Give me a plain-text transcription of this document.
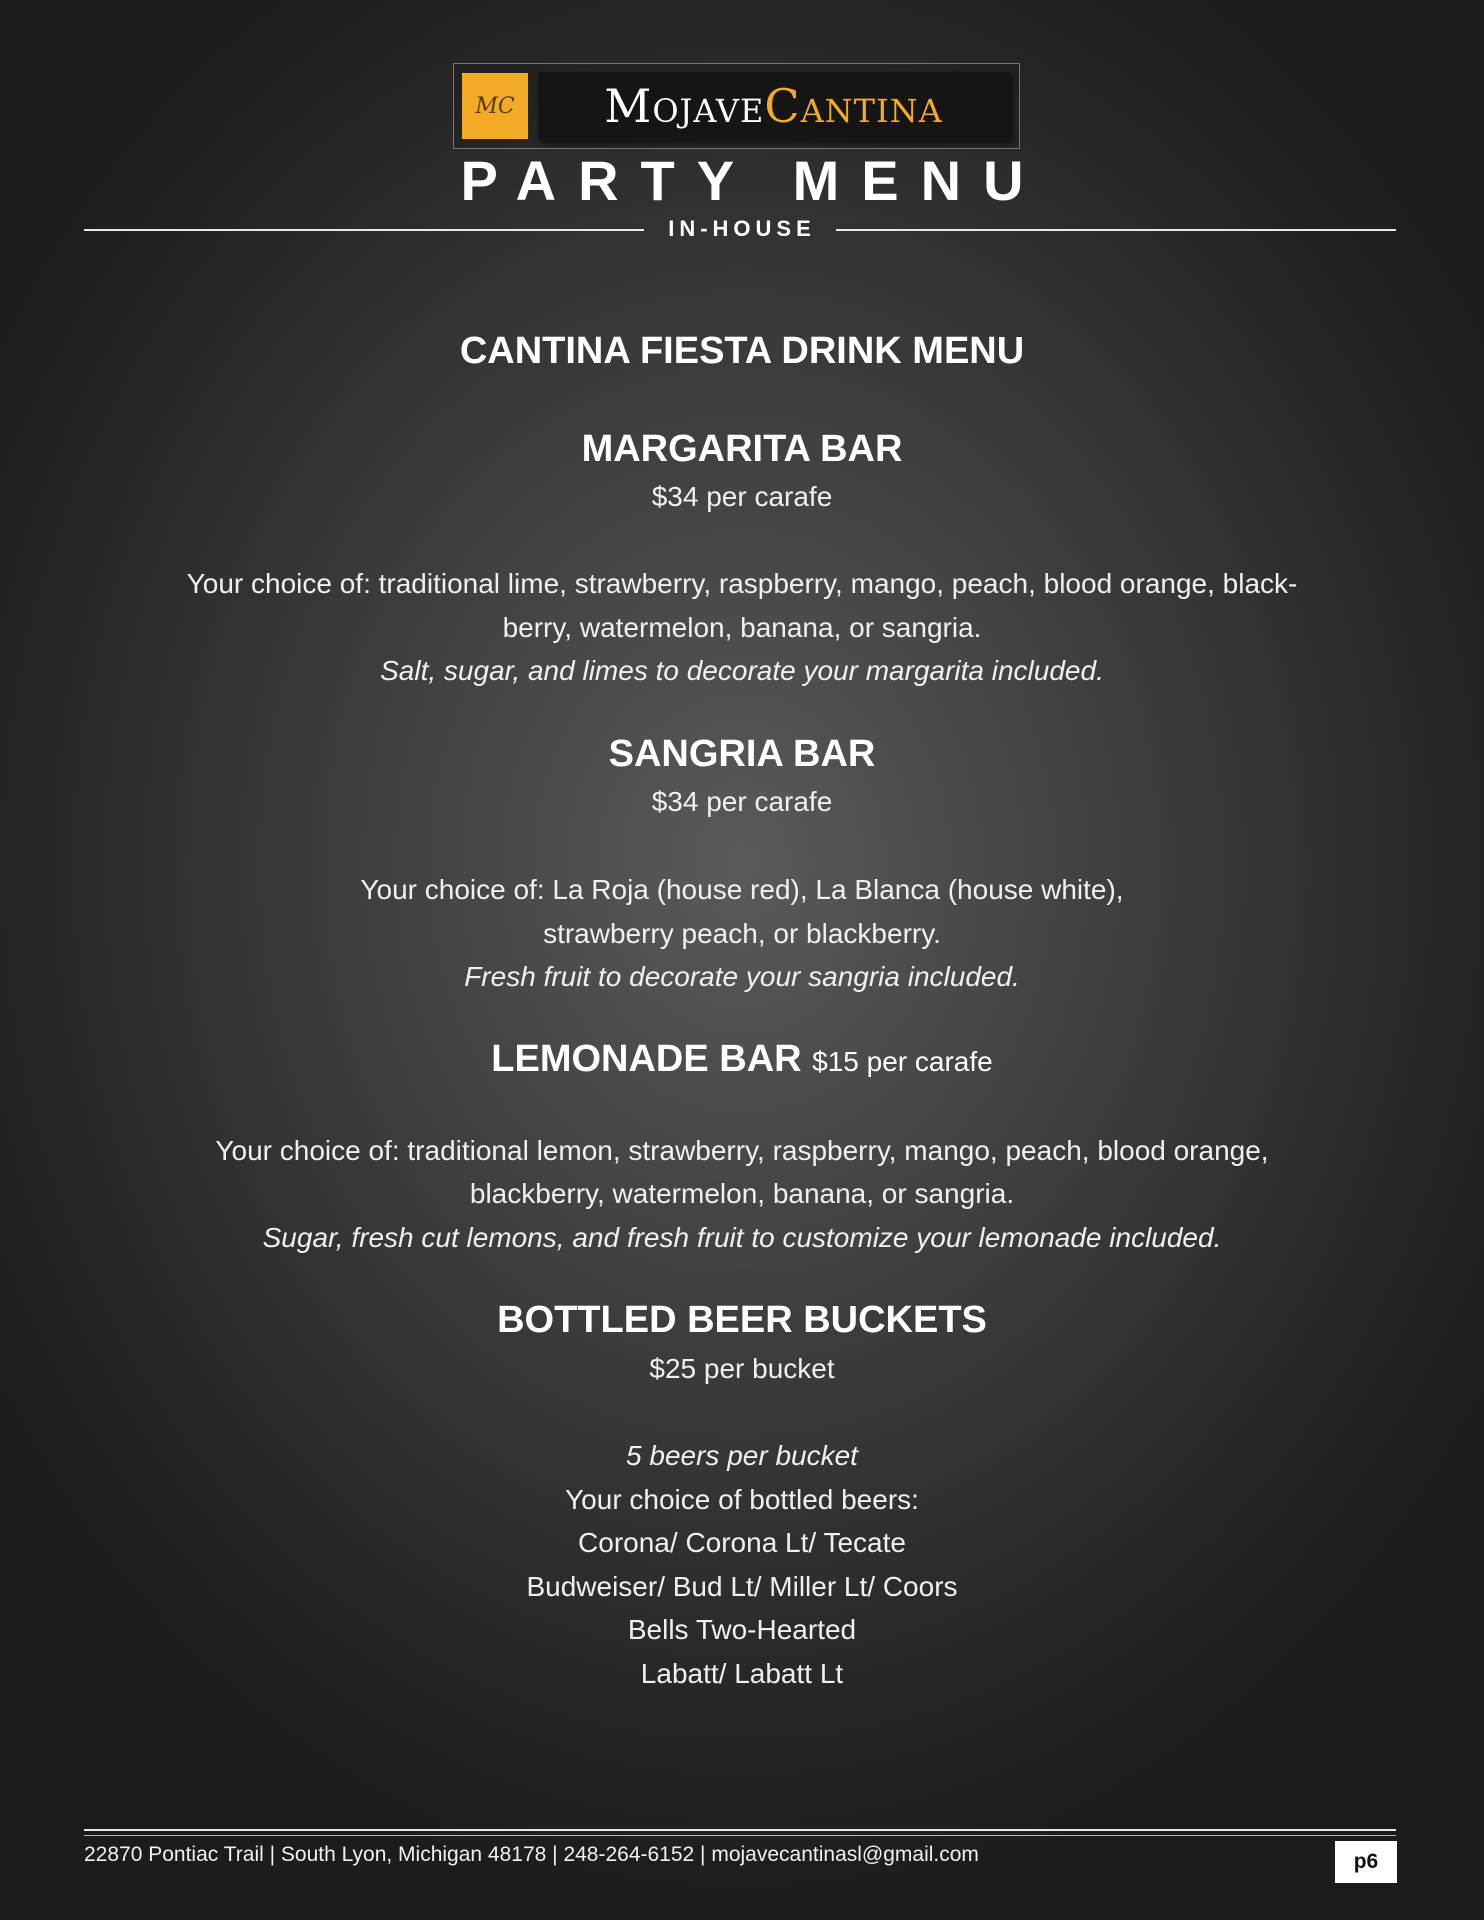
MC Mojave Cantina
PARTY MENU
IN-HOUSE
CANTINA FIESTA DRINK MENU
MARGARITA BAR
$34 per carafe
Your choice of: traditional lime, strawberry, raspberry, mango, peach, blood orange, black-
berry, watermelon, banana, or sangria.
Salt, sugar, and limes to decorate your margarita included.
SANGRIA BAR
$34 per carafe
Your choice of: La Roja (house red), La Blanca (house white),
strawberry peach, or blackberry.
Fresh fruit to decorate your sangria included.
LEMONADE BAR $15 per carafe
Your choice of: traditional lemon, strawberry, raspberry, mango, peach, blood orange,
blackberry, watermelon, banana, or sangria.
Sugar, fresh cut lemons, and fresh fruit to customize your lemonade included.
BOTTLED BEER BUCKETS
$25 per bucket
5 beers per bucket
Your choice of bottled beers:
Corona/ Corona Lt/ Tecate
Budweiser/ Bud Lt/ Miller Lt/ Coors
Bells Two-Hearted
Labatt/ Labatt Lt
22870 Pontiac Trail | South Lyon, Michigan 48178 | 248-264-6152 | mojavecantinasl@gmail.com	p6
